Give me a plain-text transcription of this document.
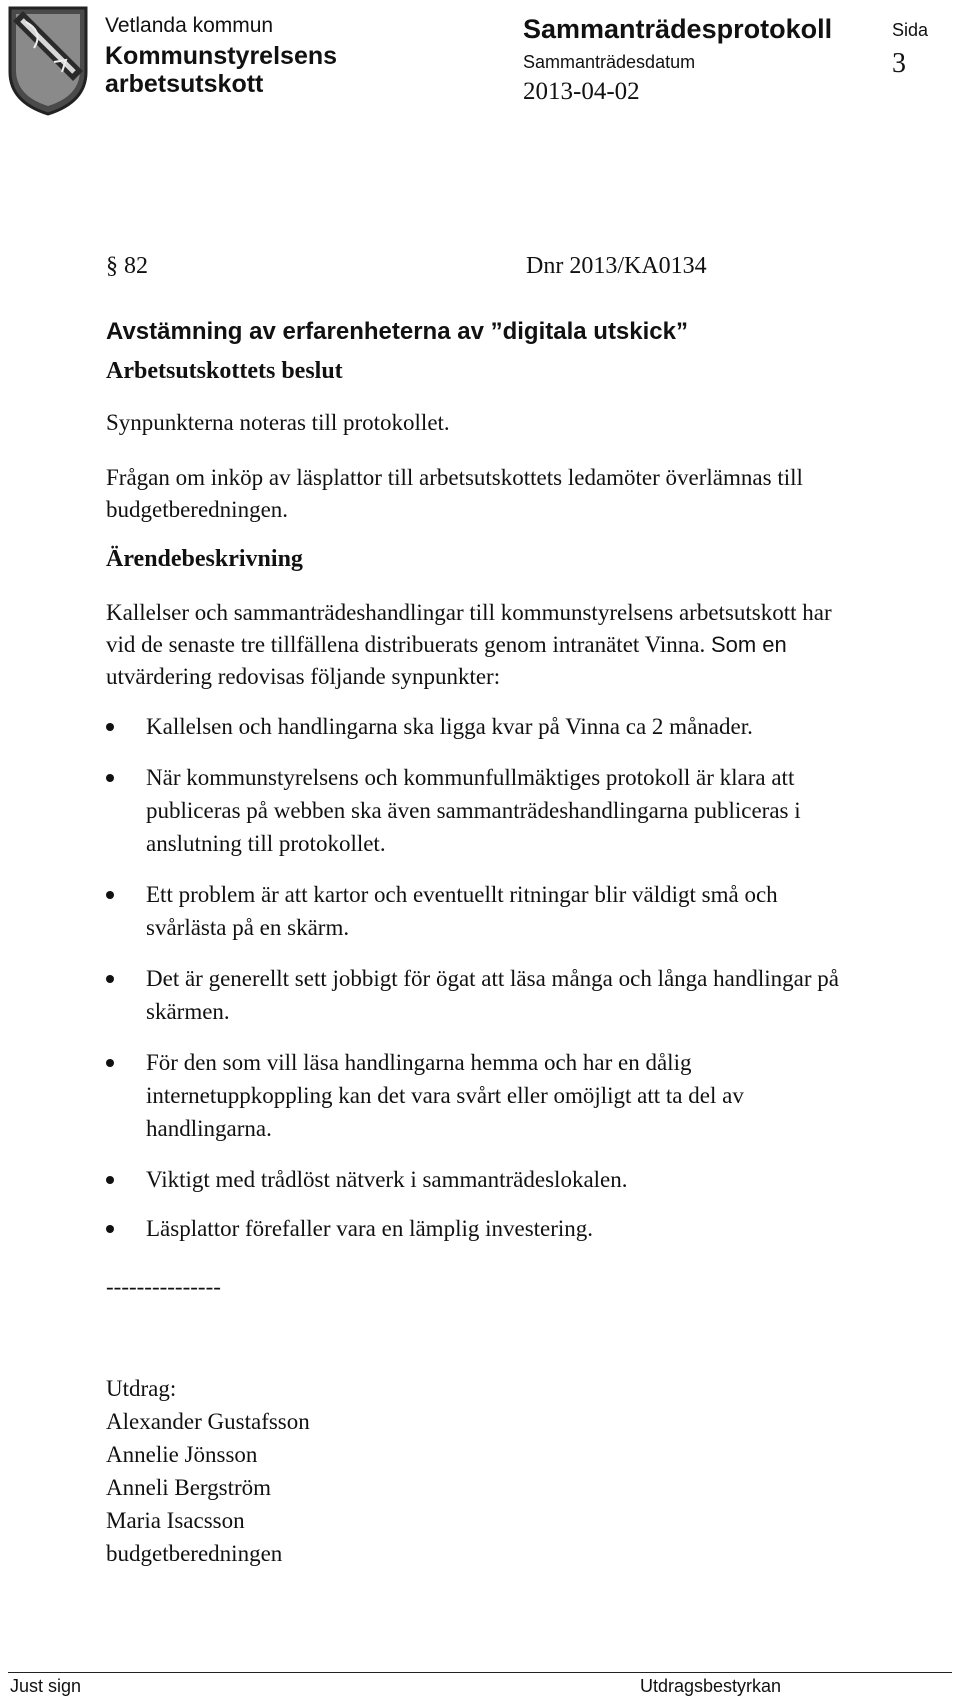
Vetlanda kommun
Kommunstyrelsens
arbetsutskott
Sammanträdesprotokoll
Sammanträdesdatum
2013-04-02
Sida
3
§ 82	Dnr 2013/KA0134
Avstämning av erfarenheterna av ”digitala utskick”
Arbetsutskottets beslut
Synpunkterna noteras till protokollet.
Frågan om inköp av läsplattor till arbetsutskottets ledamöter överlämnas till
budgetberedningen.
Ärendebeskrivning
Kallelser och sammanträdeshandlingar till kommunstyrelsens arbetsutskott har
vid de senaste tre tillfällena distribuerats genom intranätet Vinna. Som en
utvärdering redovisas följande synpunkter:
Kallelsen och handlingarna ska ligga kvar på Vinna ca 2 månader.
När kommunstyrelsens och kommunfullmäktiges protokoll är klara att
publiceras på webben ska även sammanträdeshandlingarna publiceras i
anslutning till protokollet.
Ett problem är att kartor och eventuellt ritningar blir väldigt små och
svårlästa på en skärm.
Det är generellt sett jobbigt för ögat att läsa många och långa handlingar på
skärmen.
För den som vill läsa handlingarna hemma och har en dålig
internetuppkoppling kan det vara svårt eller omöjligt att ta del av
handlingarna.
Viktigt med trådlöst nätverk i sammanträdeslokalen.
Läsplattor förefaller vara en lämplig investering.
---------------
Utdrag:
Alexander Gustafsson
Annelie Jönsson
Anneli Bergström
Maria Isacsson
budgetberedningen
Just sign	Utdragsbestyrkan
